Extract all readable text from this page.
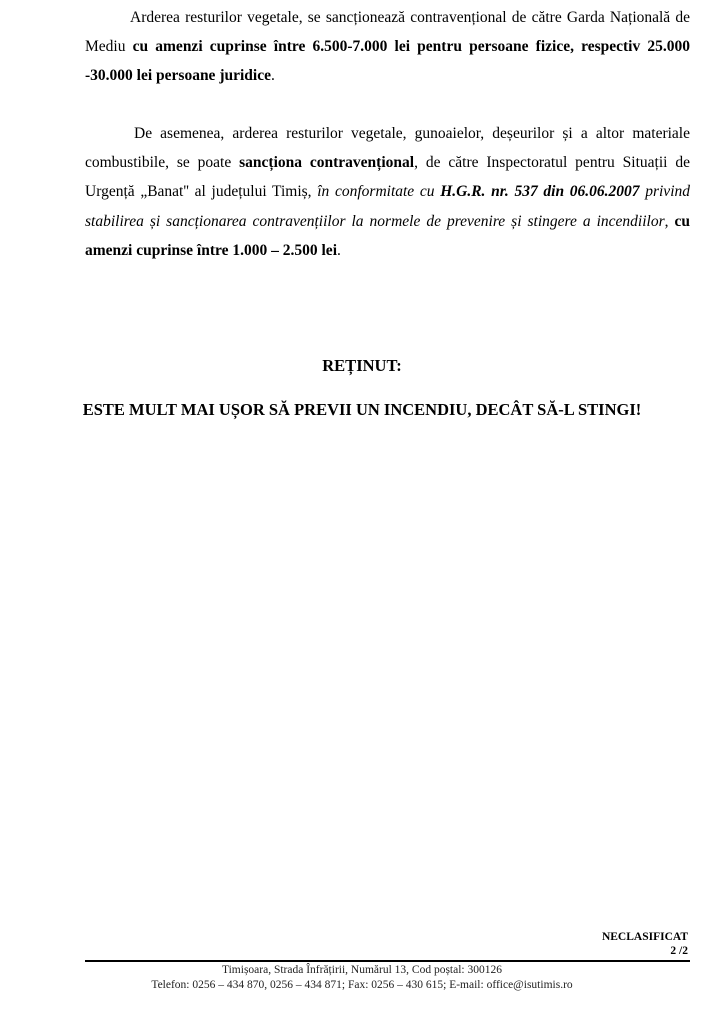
Arderea resturilor vegetale, se sancționează contravențional de către Garda Națională de Mediu cu amenzi cuprinse între 6.500-7.000 lei pentru persoane fizice, respectiv 25.000 -30.000 lei persoane juridice.

De asemenea, arderea resturilor vegetale, gunoaielor, deșeurilor și a altor materiale combustibile, se poate sancționa contravențional, de către Inspectoratul pentru Situații de Urgență „Banat'' al județului Timiș, în conformitate cu H.G.R. nr. 537 din 06.06.2007 privind stabilirea și sancționarea contravențiilor la normele de prevenire și stingere a incendiilor, cu amenzi cuprinse între 1.000 – 2.500 lei.

REȚINUT:

ESTE MULT MAI UȘOR SĂ PREVII UN INCENDIU, DECÂT SĂ-L STINGI!

NECLASIFICAT
2 /2
Timișoara, Strada Înfrățirii, Numărul 13, Cod poștal: 300126
Telefon: 0256 – 434 870, 0256 – 434 871; Fax: 0256 – 430 615; E-mail: office@isutimis.ro
